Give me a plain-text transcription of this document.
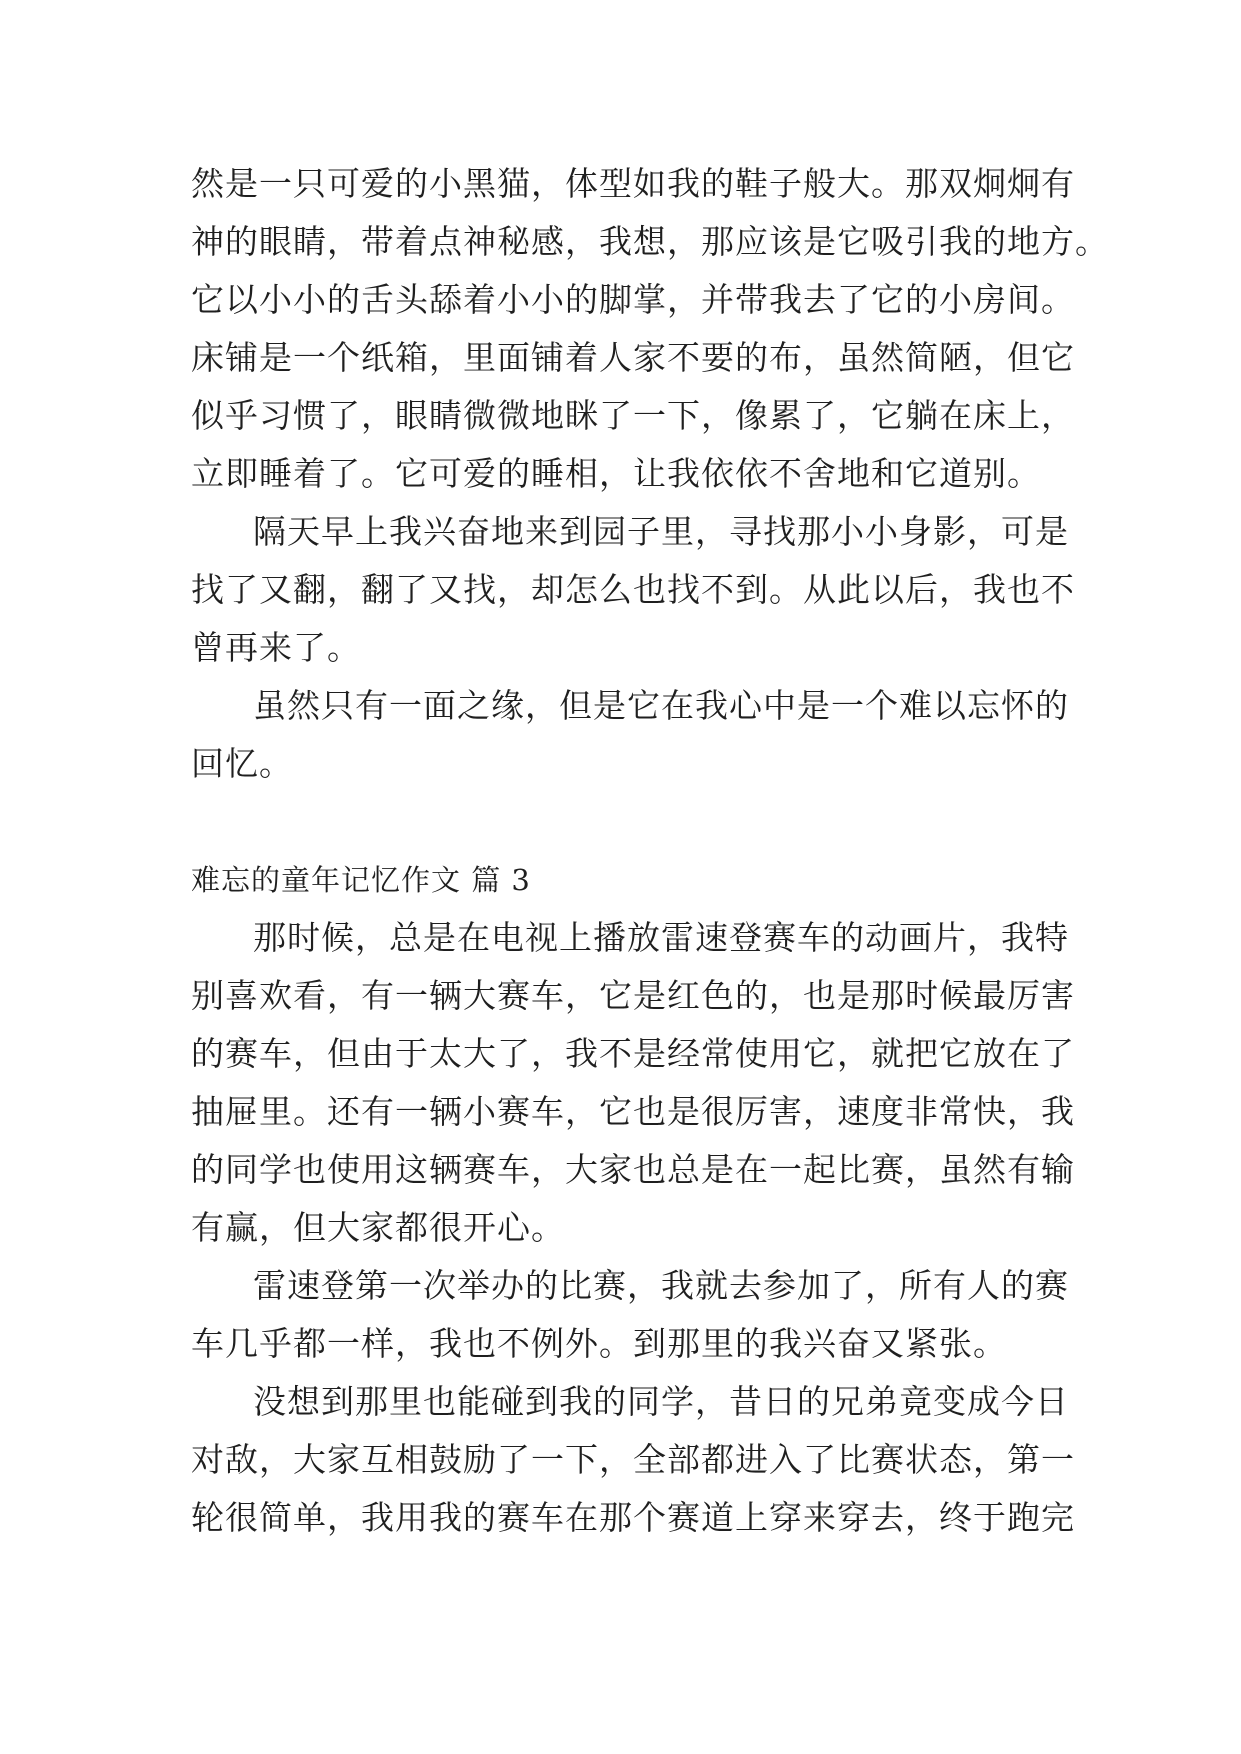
然是一只可爱的小黑猫，体型如我的鞋子般大。那双炯炯有

神的眼睛，带着点神秘感，我想，那应该是它吸引我的地方。

它以小小的舌头舔着小小的脚掌，并带我去了它的小房间。

床铺是一个纸箱，里面铺着人家不要的布，虽然简陋，但它

似乎习惯了，眼睛微微地眯了一下，像累了，它躺在床上，

立即睡着了。它可爱的睡相，让我依依不舍地和它道别。

隔天早上我兴奋地来到园子里，寻找那小小身影，可是

找了又翻，翻了又找，却怎么也找不到。从此以后，我也不

曾再来了。

虽然只有一面之缘，但是它在我心中是一个难以忘怀的

回忆。

难忘的童年记忆作文 篇 3

那时候，总是在电视上播放雷速登赛车的动画片，我特

别喜欢看，有一辆大赛车，它是红色的，也是那时候最厉害

的赛车，但由于太大了，我不是经常使用它，就把它放在了

抽屉里。还有一辆小赛车，它也是很厉害，速度非常快，我

的同学也使用这辆赛车，大家也总是在一起比赛，虽然有输

有赢，但大家都很开心。

雷速登第一次举办的比赛，我就去参加了，所有人的赛

车几乎都一样，我也不例外。到那里的我兴奋又紧张。

没想到那里也能碰到我的同学，昔日的兄弟竟变成今日

对敌，大家互相鼓励了一下，全部都进入了比赛状态，第一

轮很简单，我用我的赛车在那个赛道上穿来穿去，终于跑完
